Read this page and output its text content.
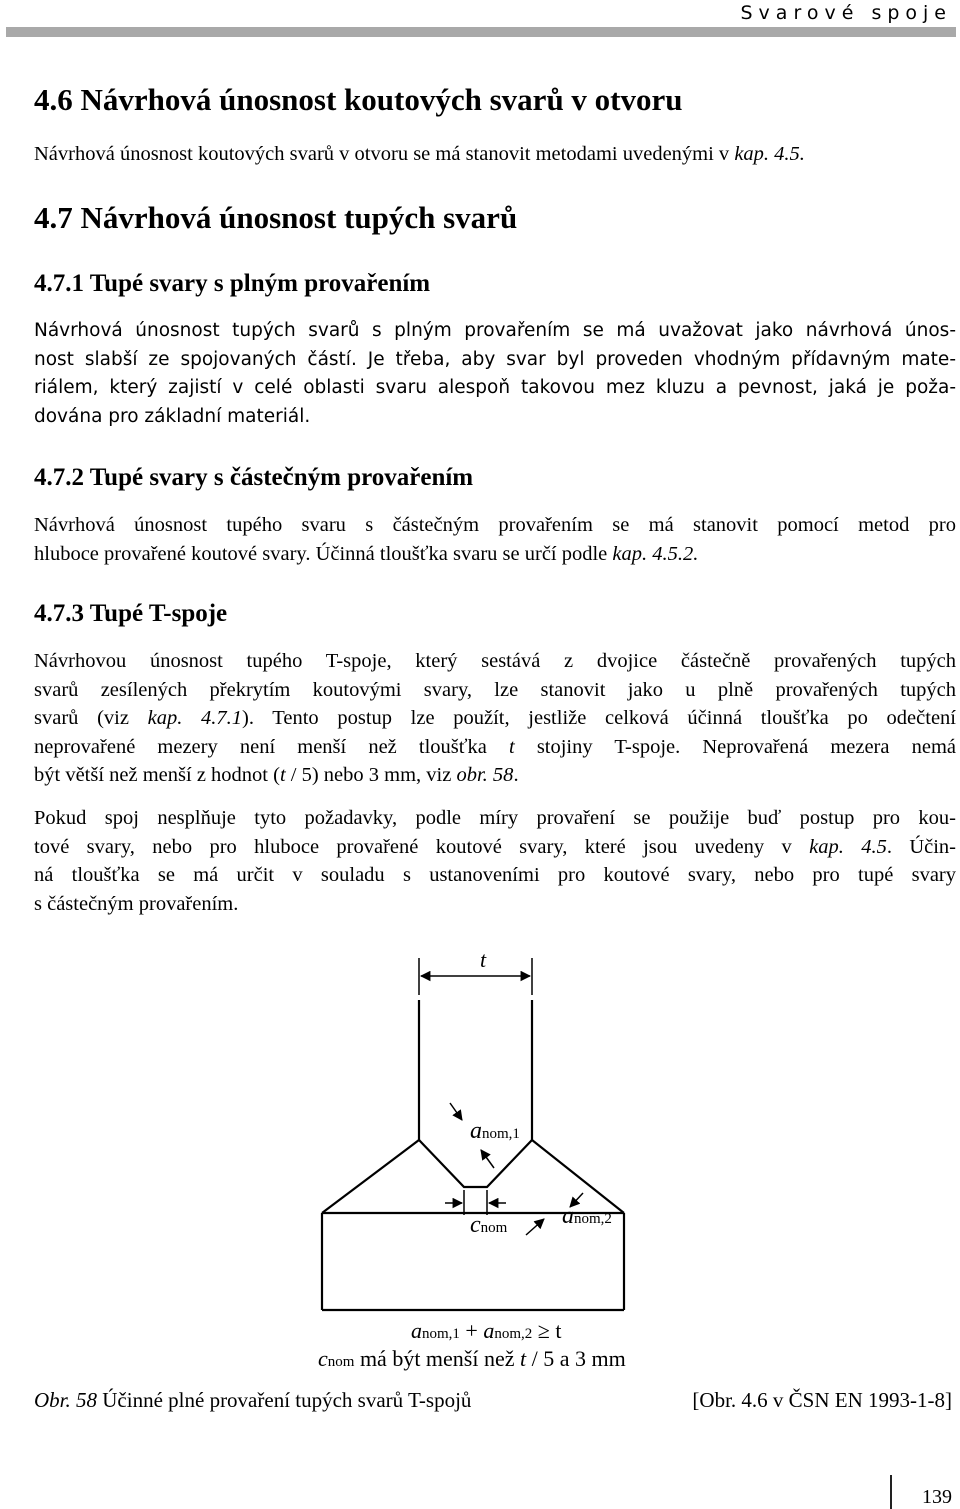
Svarové spoje
4.6 Návrhová únosnost koutových svarů v otvoru
Návrhová únosnost koutových svarů v otvoru se má stanovit metodami uvedenými v kap. 4.5.
4.7 Návrhová únosnost tupých svarů
4.7.1 Tupé svary s plným provařením
Návrhová únosnost tupých svarů s plným provařením se má uvažovat jako návrhová únos-
nost slabší ze spojovaných částí. Je třeba, aby svar byl proveden vhodným přídavným mate-
riálem, který zajistí v celé oblasti svaru alespoň takovou mez kluzu a pevnost, jaká je poža-
dována pro základní materiál.
4.7.2 Tupé svary s částečným provařením
Návrhová únosnost tupého svaru s částečným provařením se má stanovit pomocí metod pro
hluboce provařené koutové svary. Účinná tloušťka svaru se určí podle kap. 4.5.2.
4.7.3 Tupé T-spoje
Návrhovou únosnost tupého T-spoje, který sestává z dvojice částečně provařených tupých
svarů zesílených překrytím koutovými svary, lze stanovit jako u plně provařených tupých
svarů (viz kap. 4.7.1). Tento postup lze použít, jestliže celková účinná tloušťka po odečtení
neprovařené mezery není menší než tloušťka t stojiny T-spoje. Neprovařená mezera nemá
být větší než menší z hodnot (t / 5) nebo 3 mm, viz obr. 58.
Pokud spoj nesplňuje tyto požadavky, podle míry provaření se použije buď postup pro kou-
tové svary, nebo pro hluboce provařené koutové svary, které jsou uvedeny v kap. 4.5. Účin-
ná tloušťka se má určit v souladu s ustanoveními pro koutové svary, nebo pro tupé svary
s částečným provařením.
t
anom,1
cnom anom,2
anom,1 + anom,2 ≥ t
cnom má být menší než t / 5 a 3 mm
Obr. 58 Účinné plné provaření tupých svarů T-spojů	[Obr. 4.6 v ČSN EN 1993-1-8]
139
